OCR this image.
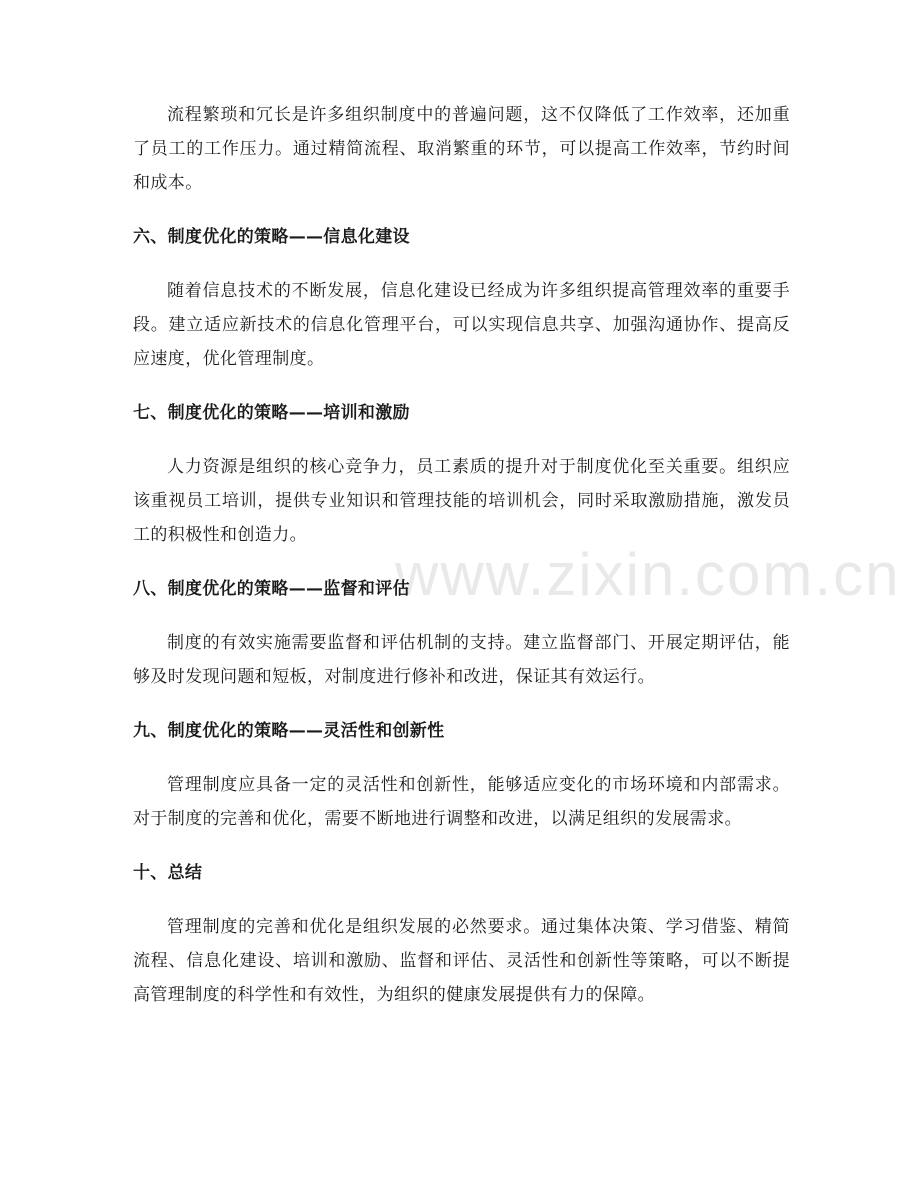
www.zixin.com.cn

流程繁琐和冗长是许多组织制度中的普遍问题，这不仅降低了工作效率，还加重了员工的工作压力。通过精简流程、取消繁重的环节，可以提高工作效率，节约时间和成本。

六、制度优化的策略——信息化建设

随着信息技术的不断发展，信息化建设已经成为许多组织提高管理效率的重要手段。建立适应新技术的信息化管理平台，可以实现信息共享、加强沟通协作、提高反应速度，优化管理制度。

七、制度优化的策略——培训和激励

人力资源是组织的核心竞争力，员工素质的提升对于制度优化至关重要。组织应该重视员工培训，提供专业知识和管理技能的培训机会，同时采取激励措施，激发员工的积极性和创造力。

八、制度优化的策略——监督和评估

制度的有效实施需要监督和评估机制的支持。建立监督部门、开展定期评估，能够及时发现问题和短板，对制度进行修补和改进，保证其有效运行。

九、制度优化的策略——灵活性和创新性

管理制度应具备一定的灵活性和创新性，能够适应变化的市场环境和内部需求。对于制度的完善和优化，需要不断地进行调整和改进，以满足组织的发展需求。

十、总结

管理制度的完善和优化是组织发展的必然要求。通过集体决策、学习借鉴、精简流程、信息化建设、培训和激励、监督和评估、灵活性和创新性等策略，可以不断提高管理制度的科学性和有效性，为组织的健康发展提供有力的保障。
